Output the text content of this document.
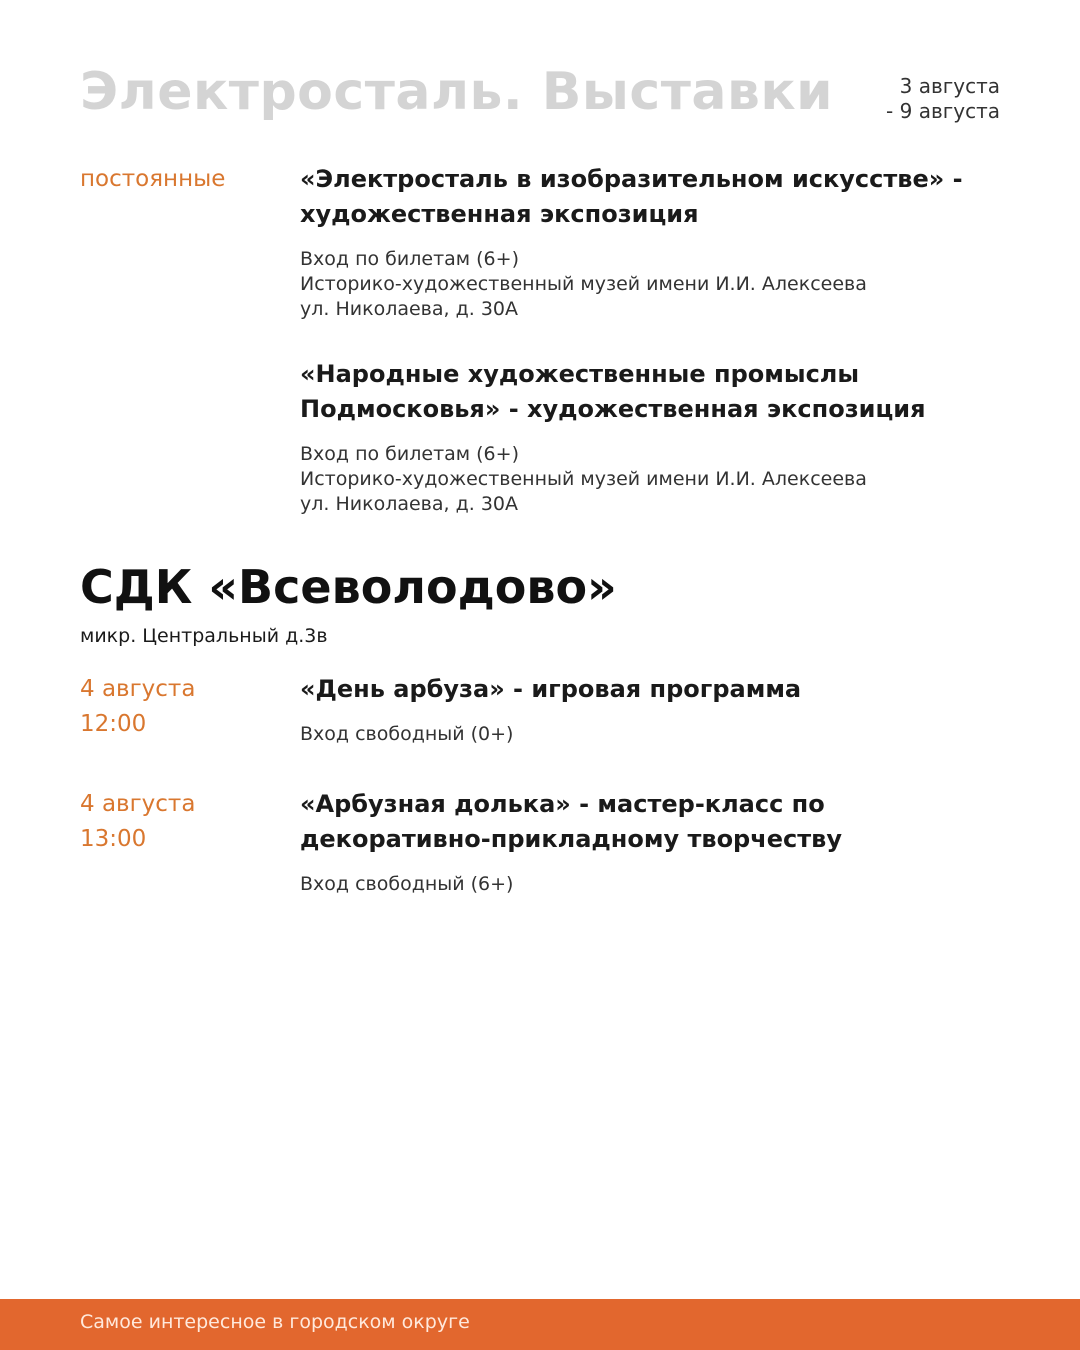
Электросталь. Выставки	3 августа
- 9 августа
постоянные	«Электросталь в изобразительном искусстве» - художественная экспозиция
Вход по билетам (6+)
Историко-художественный музей имени И.И. Алексеева
ул. Николаева, д. 30А
«Народные художественные промыслы Подмосковья» - художественная экспозиция
Вход по билетам (6+)
Историко-художественный музей имени И.И. Алексеева
ул. Николаева, д. 30А
СДК «Всеволодово»
микр. Центральный д.3в
4 августа
12:00
«День арбуза» - игровая программа
Вход свободный (0+)
4 августа
13:00
«Арбузная долька» - мастер-класс по декоративно-прикладному творчеству
Вход свободный (6+)
Самое интересное в городском округе
